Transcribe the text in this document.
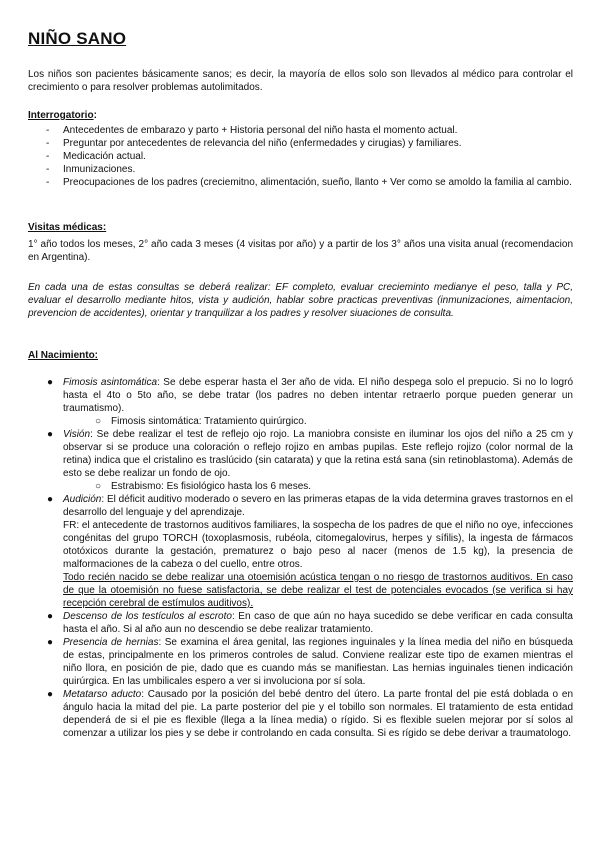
NIÑO SANO
Los niños son pacientes básicamente sanos; es decir, la mayoría de ellos solo son llevados al médico para controlar el crecimiento o para resolver problemas autolimitados.
Interrogatorio:
- Antecedentes de embarazo y parto + Historia personal del niño hasta el momento actual.
- Preguntar por antecedentes de relevancia del niño (enfermedades y cirugias) y familiares.
- Medicación actual.
- Inmunizaciones.
- Preocupaciones de los padres (creciemitno, alimentación, sueño, llanto + Ver como se amoldo la familia al cambio.
Visitas médicas:
1° año todos los meses, 2° año cada 3 meses (4 visitas por año) y a partir de los 3° años una visita anual (recomendacion en Argentina).
En cada una de estas consultas se deberá realizar: EF completo, evaluar crecieminto medianye el peso, talla y PC, evaluar el desarrollo mediante hitos, vista y audición, hablar sobre practicas preventivas (inmunizaciones, aimentacion, prevencion de accidentes), orientar y tranquilizar a los padres y resolver siuaciones de consulta.
Al Nacimiento:
● Fimosis asintomática: Se debe esperar hasta el 3er año de vida. El niño despega solo el prepucio. Si no lo logró hasta el 4to o 5to año, se debe tratar (los padres no deben intentar retraerlo porque pueden generar un traumatismo).
○ Fimosis sintomática: Tratamiento quirúrgico.
● Visión: Se debe realizar el test de reflejo ojo rojo. La maniobra consiste en iluminar los ojos del niño a 25 cm y observar si se produce una coloración o reflejo rojizo en ambas pupilas. Este reflejo rojizo (color normal de la retina) indica que el cristalino es traslúcido (sin catarata) y que la retina está sana (sin retinoblastoma). Además de esto se debe realizar un fondo de ojo.
○ Estrabismo: Es fisiológico hasta los 6 meses.
● Audición: El déficit auditivo moderado o severo en las primeras etapas de la vida determina graves trastornos en el desarrollo del lenguaje y del aprendizaje.
FR: el antecedente de trastornos auditivos familiares, la sospecha de los padres de que el niño no oye, infecciones congénitas del grupo TORCH (toxoplasmosis, rubéola, citomegalovirus, herpes y sífilis), la ingesta de fármacos ototóxicos durante la gestación, prematurez o bajo peso al nacer (menos de 1.5 kg), la presencia de malformaciones de la cabeza o del cuello, entre otros.
Todo recién nacido se debe realizar una otoemisión acústica tengan o no riesgo de trastornos auditivos. En caso de que la otoemisión no fuese satisfactoria, se debe realizar el test de potenciales evocados (se verifica si hay recepción cerebral de estímulos auditivos).
● Descenso de los testículos al escroto: En caso de que aún no haya sucedido se debe verificar en cada consulta hasta el año. Si al año aun no descendio se debe realizar tratamiento.
● Presencia de hernias: Se examina el área genital, las regiones inguinales y la línea media del niño en búsqueda de estas, principalmente en los primeros controles de salud. Conviene realizar este tipo de examen mientras el niño llora, en posición de pie, dado que es cuando más se manifiestan. Las hernias inguinales tienen indicación quirúrgica. En las umbilicales espero a ver si involuciona por sí sola.
● Metatarso aducto: Causado por la posición del bebé dentro del útero. La parte frontal del pie está doblada o en ángulo hacia la mitad del pie. La parte posterior del pie y el tobillo son normales. El tratamiento de esta entidad dependerá de si el pie es flexible (llega a la línea media) o rígido. Si es flexible suelen mejorar por sí solos al comenzar a utilizar los pies y se debe ir controlando en cada consulta. Si es rígido se debe derivar a traumatologo.
